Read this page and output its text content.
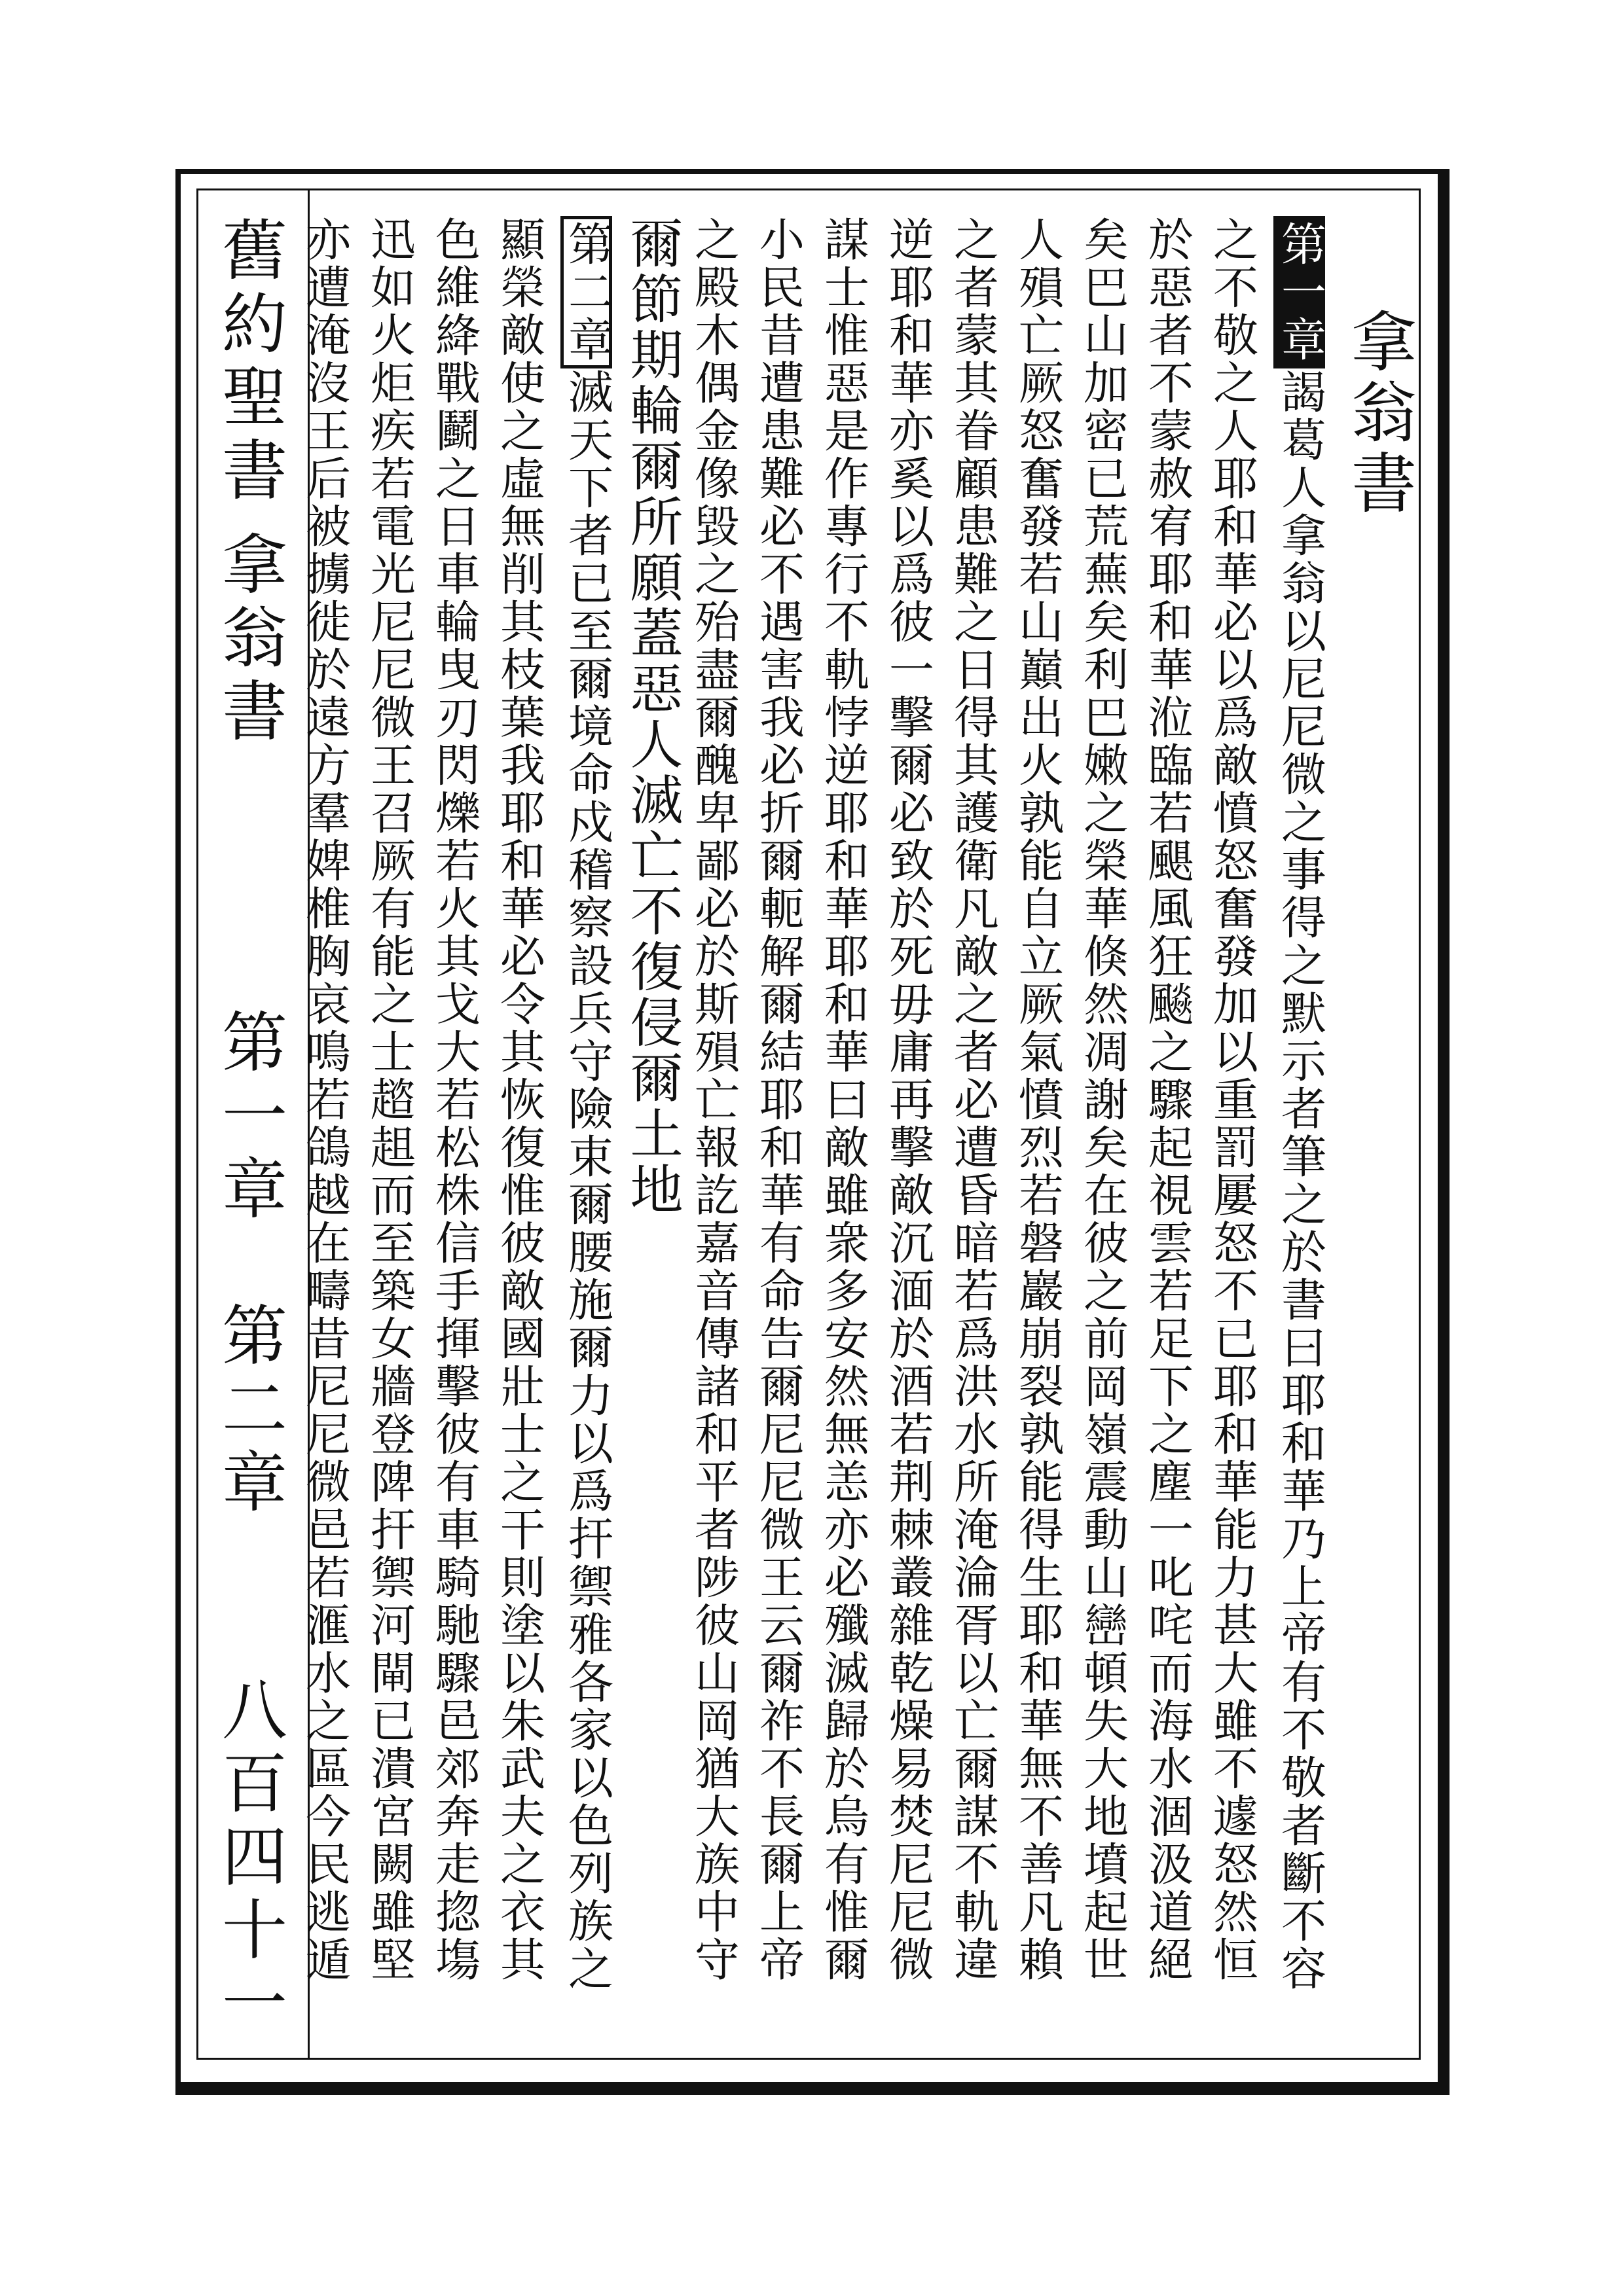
舊約聖書
拿翁書
第一章　第二章
八百四十一
拿翁書
第一章謁葛人拿翁以尼尼微之事得之默示者筆之於書曰耶和華乃上帝有不敬者斷不容
之不敬之人耶和華必以爲敵憤怒奮發加以重罰屢怒不已耶和華能力甚大雖不遽怒然恒
於惡者不蒙赦宥耶和華涖臨若颶風狂飈之驟起視雲若足下之塵一叱咤而海水涸汲道絕
矣巴山加密已荒蕪矣利巴嫩之榮華倏然凋謝矣在彼之前岡嶺震動山巒頓失大地墳起世
人殞亡厥怒奮發若山巔出火孰能自立厥氣憤烈若磐巖崩裂孰能得生耶和華無不善凡賴
之者蒙其眷顧患難之日得其護衛凡敵之者必遭昏暗若爲洪水所淹淪胥以亡爾謀不軌違
逆耶和華亦奚以爲彼一擊爾必致於死毋庸再擊敵沉湎於酒若荆棘叢雜乾燥易焚尼尼微
謀士惟惡是作專行不軌悖逆耶和華耶和華曰敵雖衆多安然無恙亦必殲滅歸於烏有惟爾
小民昔遭患難必不遇害我必折爾軛解爾結耶和華有命告爾尼尼微王云爾祚不長爾上帝
之殿木偶金像毀之殆盡爾醜卑鄙必於斯殞亡報訖嘉音傳諸和平者陟彼山岡猶大族中守
爾節期輪爾所願蓋惡人滅亡不復侵爾土地
第二章滅天下者已至爾境命戍稽察設兵守險束爾腰施爾力以爲扞禦雅各家以色列族之
顯榮敵使之虛無削其枝葉我耶和華必令其恢復惟彼敵國壯士之干則塗以朱武夫之衣其
色維絳戰鬬之日車輪曳刃閃爍若火其戈大若松株信手揮擊彼有車騎馳驟邑郊奔走㧾塲
迅如火炬疾若電光尼尼微王召厥有能之士趦趄而至築女牆登陴扞禦河閘已潰宮闕雖堅
亦遭淹沒王后被擄徙於遠方羣婢椎胸哀鳴若鴿越在疇昔尼尼微邑若滙水之區今民逃遁
